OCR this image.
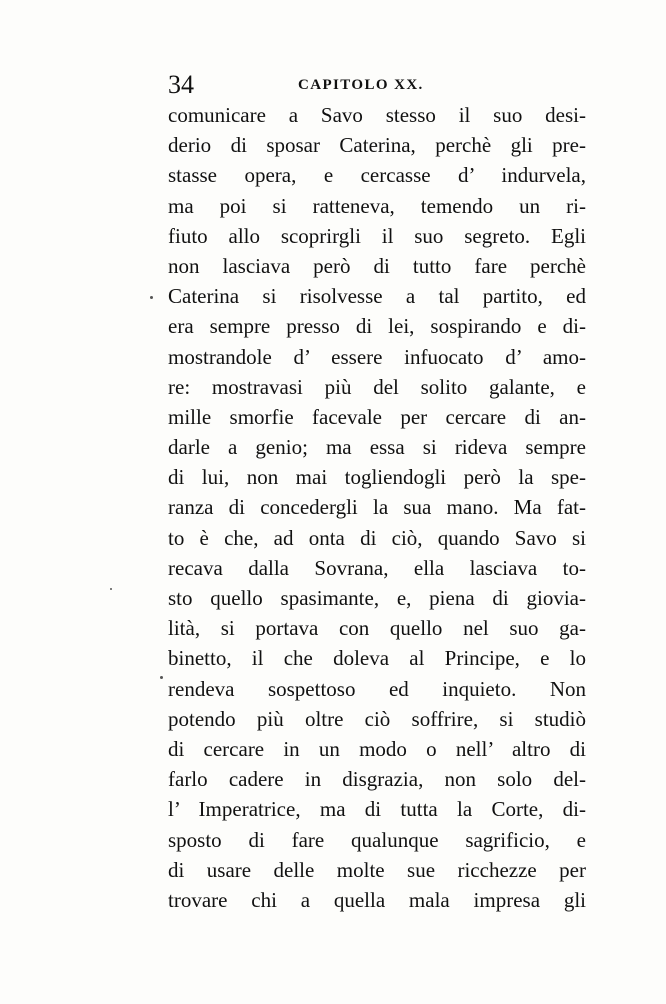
34	CAPITOLO XX.
comunicare a Savo stesso il suo desi-
derio di sposar Caterina, perchè gli pre-
stasse opera, e cercasse d’ indurvela,
ma poi si ratteneva, temendo un ri-
fiuto allo scoprirgli il suo segreto. Egli
non lasciava però di tutto fare perchè
Caterina si risolvesse a tal partito, ed
era sempre presso di lei, sospirando e di-
mostrandole d’ essere infuocato d’ amo-
re: mostravasi più del solito galante, e
mille smorfie facevale per cercare di an-
darle a genio; ma essa si rideva sempre
di lui, non mai togliendogli però la spe-
ranza di concedergli la sua mano. Ma fat-
to è che, ad onta di ciò, quando Savo si
recava dalla Sovrana, ella lasciava to-
sto quello spasimante, e, piena di giovia-
lità, si portava con quello nel suo ga-
binetto, il che doleva al Principe, e lo
rendeva sospettoso ed inquieto. Non
potendo più oltre ciò soffrire, si studiò
di cercare in un modo o nell’ altro di
farlo cadere in disgrazia, non solo del-
l’ Imperatrice, ma di tutta la Corte, di-
sposto di fare qualunque sagrificio, e
di usare delle molte sue ricchezze per
trovare chi a quella mala impresa gli
